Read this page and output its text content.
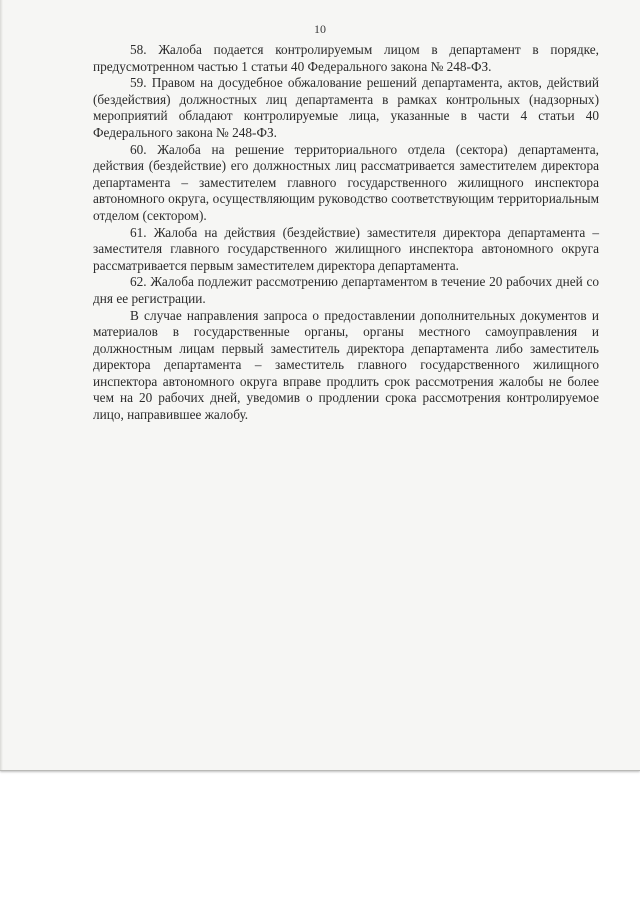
10

58. Жалоба подается контролируемым лицом в департамент в порядке, предусмотренном частью 1 статьи 40 Федерального закона № 248-ФЗ.

59. Правом на досудебное обжалование решений департамента, актов, действий (бездействия) должностных лиц департамента в рамках контрольных (надзорных) мероприятий обладают контролируемые лица, указанные в части 4 статьи 40 Федерального закона № 248-ФЗ.

60. Жалоба на решение территориального отдела (сектора) департамента, действия (бездействие) его должностных лиц рассматривается заместителем директора департамента – заместителем главного государственного жилищного инспектора автономного округа, осуществляющим руководство соответствующим территориальным отделом (сектором).

61. Жалоба на действия (бездействие) заместителя директора департамента – заместителя главного государственного жилищного инспектора автономного округа рассматривается первым заместителем директора департамента.

62. Жалоба подлежит рассмотрению департаментом в течение 20 рабочих дней со дня ее регистрации.

В случае направления запроса о предоставлении дополнительных документов и материалов в государственные органы, органы местного самоуправления и должностным лицам первый заместитель директора департамента либо заместитель директора департамента – заместитель главного государственного жилищного инспектора автономного округа вправе продлить срок рассмотрения жалобы не более чем на 20 рабочих дней, уведомив о продлении срока рассмотрения контролируемое лицо, направившее жалобу.
